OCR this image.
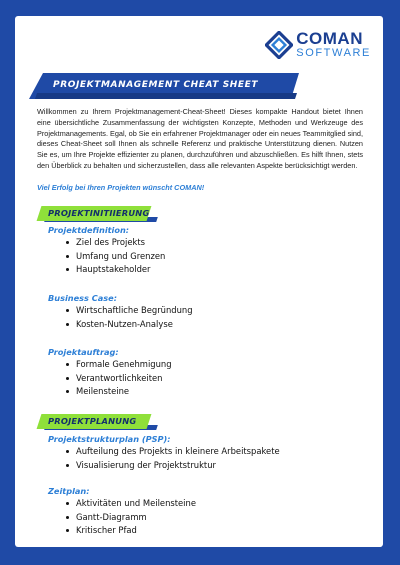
COMAN
SOFTWARE
PROJEKTMANAGEMENT CHEAT SHEET

Willkommen zu Ihrem Projektmanagement-Cheat-Sheet! Dieses kompakte Handout bietet Ihnen eine übersichtliche Zusammenfassung der wichtigsten Konzepte, Methoden und Werkzeuge des Projektmanagements. Egal, ob Sie ein erfahrener Projektmanager oder ein neues Teammitglied sind, dieses Cheat-Sheet soll Ihnen als schnelle Referenz und praktische Unterstützung dienen. Nutzen Sie es, um Ihre Projekte effizienter zu planen, durchzuführen und abzuschließen. Es hilft Ihnen, stets den Überblick zu behalten und sicherzustellen, dass alle relevanten Aspekte berücksichtigt werden.

Viel Erfolg bei Ihren Projekten wünscht COMAN!
PROJEKTINITIIERUNG
Projektdefinition:
Ziel des Projekts
Umfang und Grenzen
Hauptstakeholder
Business Case:
Wirtschaftliche Begründung
Kosten-Nutzen-Analyse
Projektauftrag:
Formale Genehmigung
Verantwortlichkeiten
Meilensteine
PROJEKTPLANUNG
Projektstrukturplan (PSP):
Aufteilung des Projekts in kleinere Arbeitspakete
Visualisierung der Projektstruktur
Zeitplan:
Aktivitäten und Meilensteine
Gantt-Diagramm
Kritischer Pfad
